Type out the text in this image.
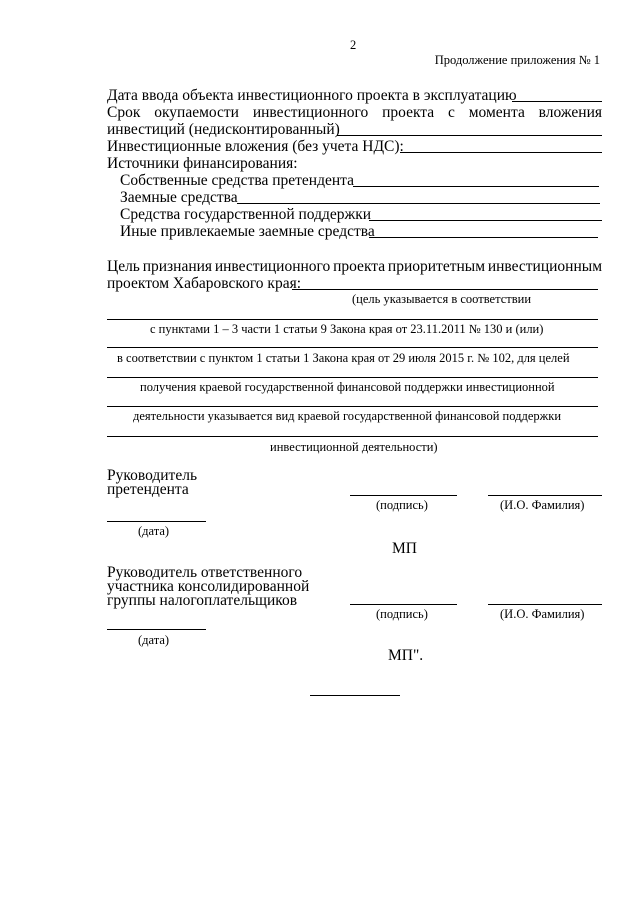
2
Продолжение приложения № 1
Дата ввода объекта инвестиционного проекта в эксплуатацию
Срок окупаемости инвестиционного проекта с момента вложения
инвестиций (недисконтированный)
Инвестиционные вложения (без учета НДС):
Источники финансирования:
Собственные средства претендента
Заемные средства
Средства государственной поддержки
Иные привлекаемые заемные средства
Цель признания инвестиционного проекта приоритетным инвестиционным
проектом Хабаровского края:
(цель указывается в соответствии
с пунктами 1 – 3 части 1 статьи 9 Закона края от 23.11.2011 № 130 и (или)
в соответствии с пунктом 1 статьи 1 Закона края от 29 июля 2015 г. № 102, для целей
получения краевой государственной финансовой поддержки инвестиционной
деятельности указывается вид краевой государственной финансовой поддержки
инвестиционной деятельности)
Руководитель
претендента
(подпись)	(И.О. Фамилия)
(дата)
МП
Руководитель ответственного
участника консолидированной
группы налогоплательщиков
(подпись)	(И.О. Фамилия)
(дата)
МП".
